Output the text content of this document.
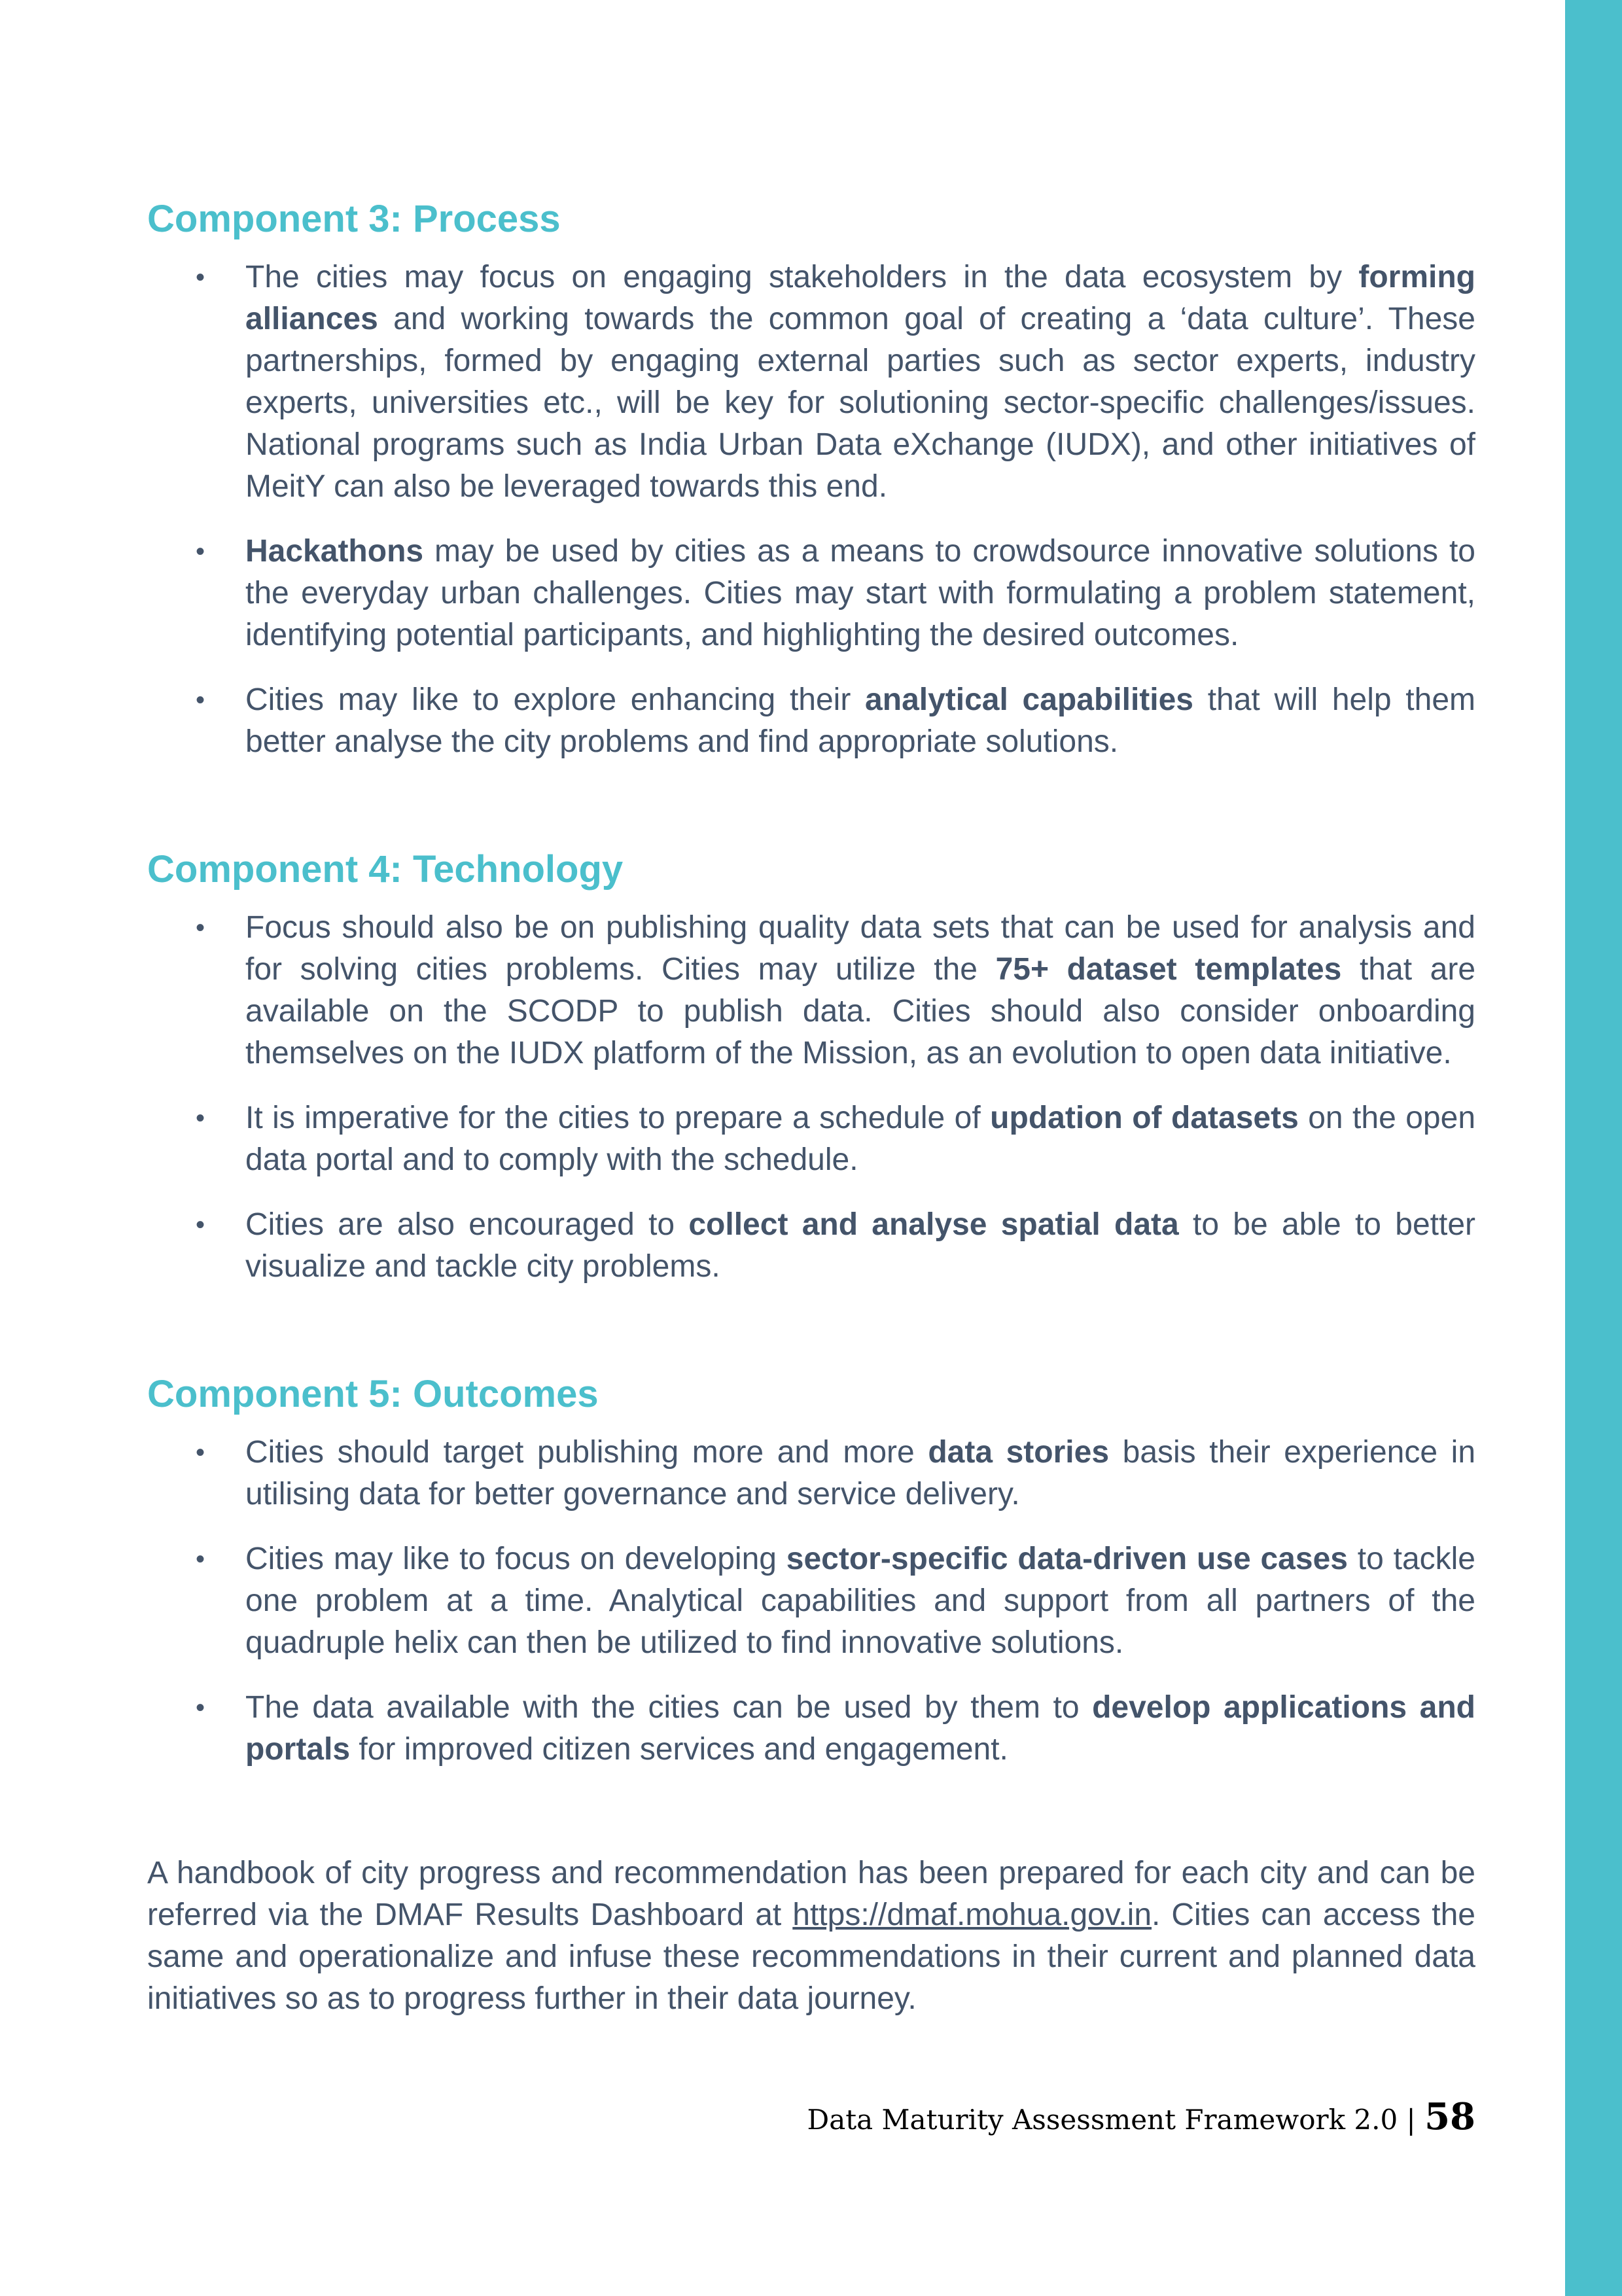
Component 3: Process
• The cities may focus on engaging stakeholders in the data ecosystem by forming alliances and working towards the common goal of creating a ‘data culture’. These partnerships, formed by engaging external parties such as sector experts, industry experts, universities etc., will be key for solutioning sector-specific challenges/issues. National programs such as India Urban Data eXchange (IUDX), and other initiatives of MeitY can also be leveraged towards this end.
• Hackathons may be used by cities as a means to crowdsource innovative solutions to the everyday urban challenges. Cities may start with formulating a problem statement, identifying potential participants, and highlighting the desired outcomes.
• Cities may like to explore enhancing their analytical capabilities that will help them better analyse the city problems and find appropriate solutions.
Component 4: Technology
• Focus should also be on publishing quality data sets that can be used for analysis and for solving cities problems. Cities may utilize the 75+ dataset templates that are available on the SCODP to publish data. Cities should also consider onboarding themselves on the IUDX platform of the Mission, as an evolution to open data initiative.
• It is imperative for the cities to prepare a schedule of updation of datasets on the open data portal and to comply with the schedule.
• Cities are also encouraged to collect and analyse spatial data to be able to better visualize and tackle city problems.
Component 5: Outcomes
• Cities should target publishing more and more data stories basis their experience in utilising data for better governance and service delivery.
• Cities may like to focus on developing sector-specific data-driven use cases to tackle one problem at a time. Analytical capabilities and support from all partners of the quadruple helix can then be utilized to find innovative solutions.
• The data available with the cities can be used by them to develop applications and portals for improved citizen services and engagement.

A handbook of city progress and recommendation has been prepared for each city and can be referred via the DMAF Results Dashboard at https://dmaf.mohua.gov.in. Cities can access the same and operationalize and infuse these recommendations in their current and planned data initiatives so as to progress further in their data journey.

Data Maturity Assessment Framework 2.0 | 58
